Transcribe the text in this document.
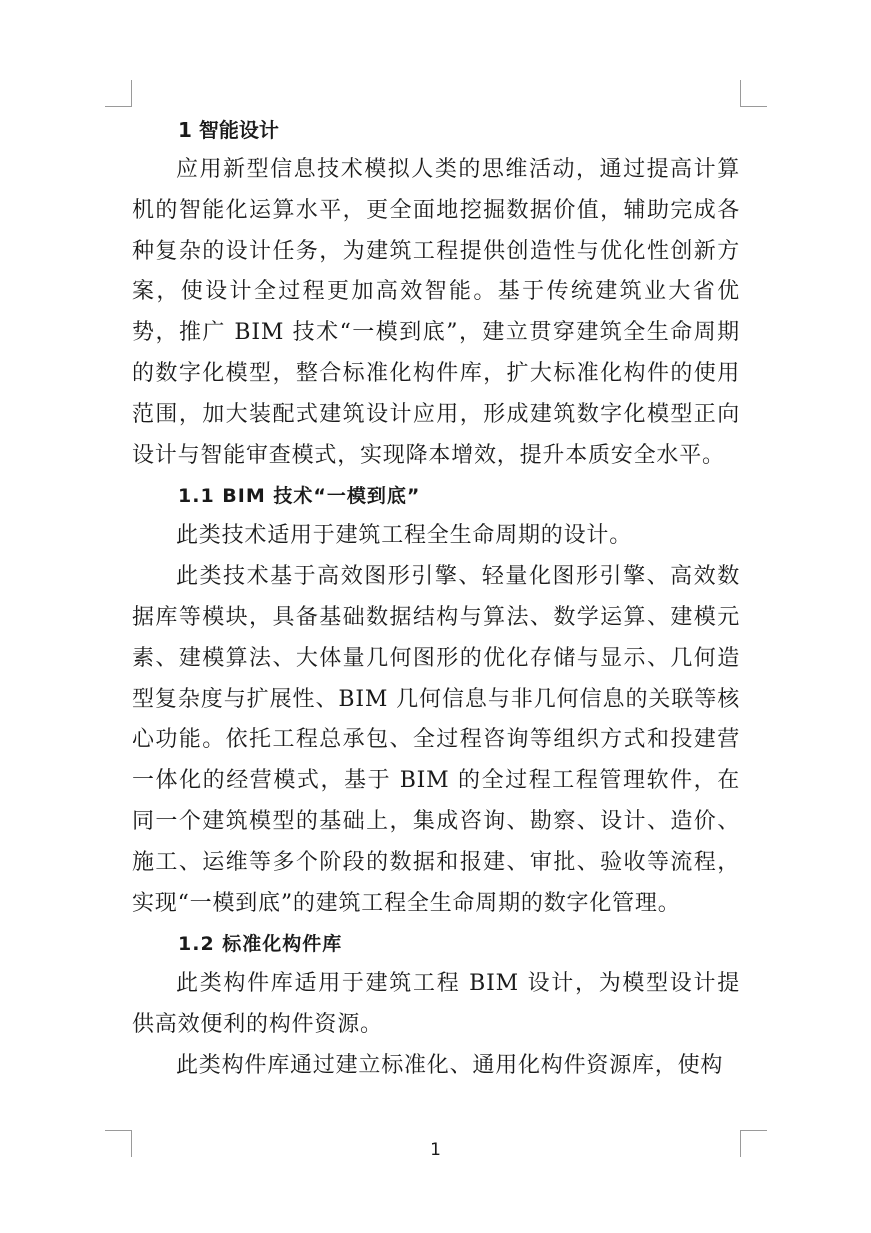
1 智能设计

应用新型信息技术模拟人类的思维活动，通过提高计算机的智能化运算水平，更全面地挖掘数据价值，辅助完成各种复杂的设计任务，为建筑工程提供创造性与优化性创新方案，使设计全过程更加高效智能。基于传统建筑业大省优势，推广 BIM 技术“一模到底”，建立贯穿建筑全生命周期的数字化模型，整合标准化构件库，扩大标准化构件的使用范围，加大装配式建筑设计应用，形成建筑数字化模型正向设计与智能审查模式，实现降本增效，提升本质安全水平。

1.1 BIM 技术“一模到底”

此类技术适用于建筑工程全生命周期的设计。

此类技术基于高效图形引擎、轻量化图形引擎、高效数据库等模块，具备基础数据结构与算法、数学运算、建模元素、建模算法、大体量几何图形的优化存储与显示、几何造型复杂度与扩展性、BIM 几何信息与非几何信息的关联等核心功能。依托工程总承包、全过程咨询等组织方式和投建营一体化的经营模式，基于 BIM 的全过程工程管理软件，在同一个建筑模型的基础上，集成咨询、勘察、设计、造价、施工、运维等多个阶段的数据和报建、审批、验收等流程，实现“一模到底”的建筑工程全生命周期的数字化管理。

1.2 标准化构件库

此类构件库适用于建筑工程 BIM 设计，为模型设计提供高效便利的构件资源。

此类构件库通过建立标准化、通用化构件资源库，使构

1
